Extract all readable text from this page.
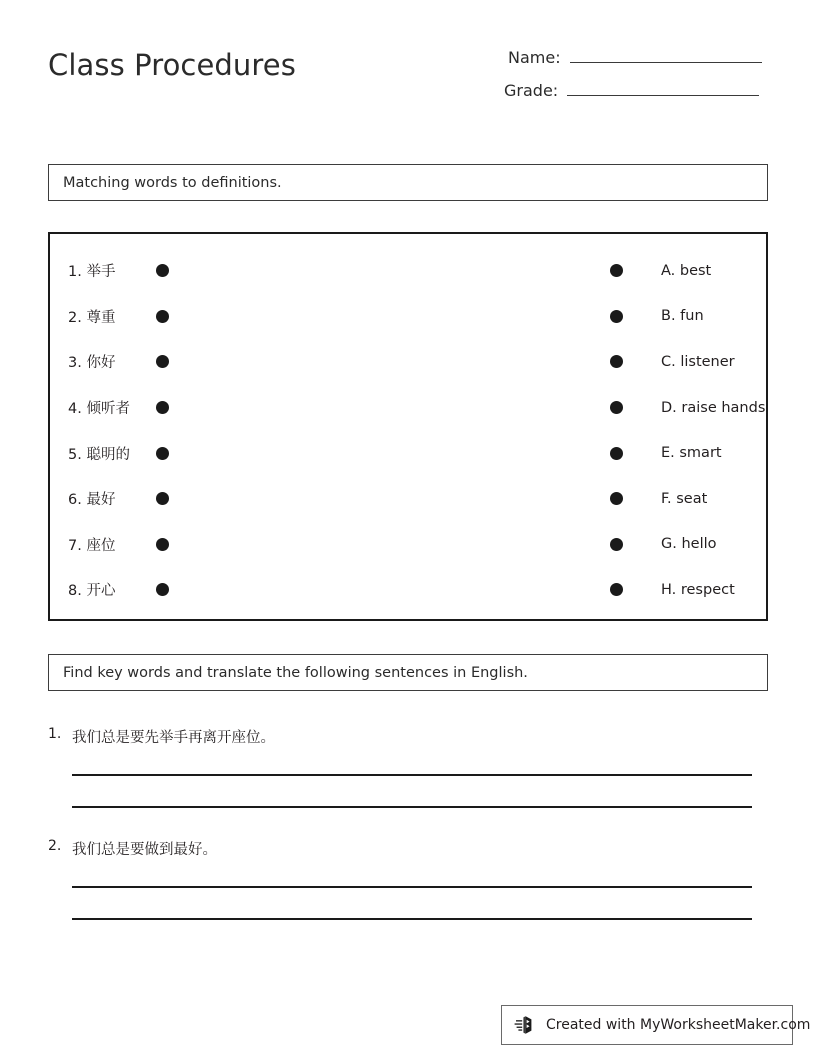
Class Procedures	Name:
Grade:
Matching words to definitions.
1. 举手	A. best
2. 尊重	B. fun
3. 你好	C. listener
4. 倾听者	D. raise hands
5. 聪明的	E. smart
6. 最好	F. seat
7. 座位	G. hello
8. 开心	H. respect
Find key words and translate the following sentences in English.
1. 我们总是要先举手再离开座位。
2. 我们总是要做到最好。
Created with MyWorksheetMaker.com
